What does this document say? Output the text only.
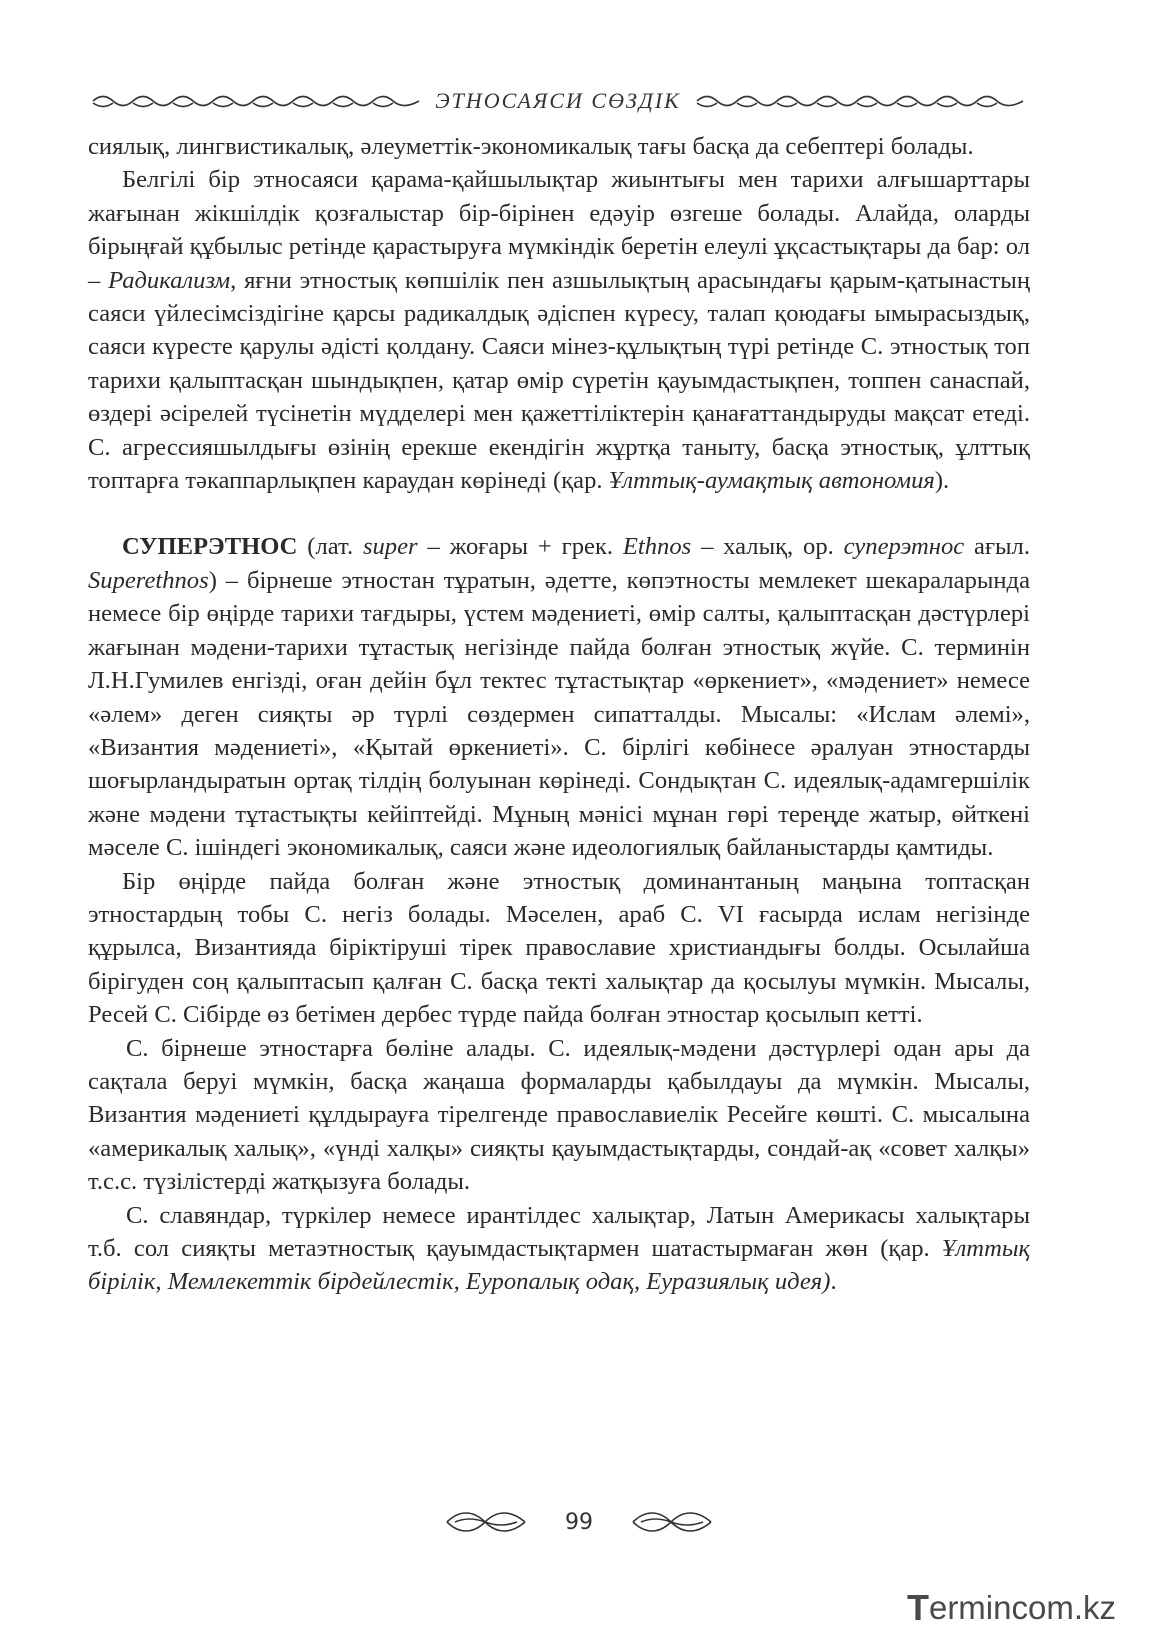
ЭТНОСАЯСИ СӨЗДІК

сиялық, лингвистикалық, әлеуметтік-экономикалық тағы басқа да себептері болады.

Белгілі бір этносаяси қарама-қайшылықтар жиынтығы мен тарихи алғышарттары жағынан жікшілдік қозғалыстар бір-бірінен едәуір өзгеше болады. Алайда, оларды бірыңғай құбылыс ретінде қарастыруға мүмкіндік беретін елеулі ұқсастықтары да бар: ол – Радикализм, яғни этностық көпшілік пен азшылықтың арасындағы қарым-қатынастың саяси үйлесімсіздігіне қарсы радикалдық әдіспен күресу, талап қоюдағы ымырасыздық, саяси күресте қарулы әдісті қолдану. Саяси мінез-құлықтың түрі ретінде С. этностық топ тарихи қалыптасқан шындықпен, қатар өмір сүретін қауымдастықпен, топпен санаспай, өздері әсірелей түсінетін мүдделері мен қажеттіліктерін қанағаттандыруды мақсат етеді. С. агрессияшылдығы өзінің ерекше екендігін жұртқа таныту, басқа этностық, ұлттық топтарға тәкаппарлықпен караудан көрінеді (қар. Ұлттық-аумақтық автономия).

СУПЕРЭТНОС (лат. super – жоғары + грек. Ethnos – халық, ор. суперэтнос ағыл. Superethnos) – бірнеше этностан тұратын, әдетте, көпэтносты мемлекет шекараларында немесе бір өңірде тарихи тағдыры, үстем мәдениеті, өмір салты, қалыптасқан дәстүрлері жағынан мәдени-тарихи тұтастық негізінде пайда болған этностық жүйе. С. терминін Л.Н.Гумилев енгізді, оған дейін бұл тектес тұтастықтар «өркениет», «мәдениет» немесе «әлем» деген сияқты әр түрлі сөздермен сипатталды. Мысалы: «Ислам әлемі», «Византия мәдениеті», «Қытай өркениеті». С. бірлігі көбінесе әралуан этностарды шоғырландыратын ортақ тілдің болуынан көрінеді. Сондықтан С. идеялық-адамгершілік және мәдени тұтастықты кейіптейді. Мұның мәнісі мұнан гөрі тереңде жатыр, өйткені мәселе С. ішіндегі экономикалық, саяси және идеологиялық байланыстарды қамтиды.

Бір өңірде пайда болған және этностық доминантаның маңына топтасқан этностардың тобы С. негіз болады. Мәселен, араб С. VI ғасырда ислам негізінде құрылса, Византияда біріктіруші тірек православие христиандығы болды. Осылайша бірігуден соң қалыптасып қалған С. басқа текті халықтар да қосылуы мүмкін. Мысалы, Ресей С. Сібірде өз бетімен дербес түрде пайда болған этностар қосылып кетті.

С. бірнеше этностарға бөліне алады. С. идеялық-мәдени дәстүрлері одан ары да сақтала беруі мүмкін, басқа жаңаша формаларды қабылдауы да мүмкін. Мысалы, Византия мәдениеті құлдырауға тірелгенде православиелік Ресейге көшті. С. мысалына «америкалық халық», «үнді халқы» сияқты қауымдастықтарды, сондай-ақ «совет халқы» т.с.с. түзілістерді жатқызуға болады.

С. славяндар, түркілер немесе ирантілдес халықтар, Латын Америкасы халықтары т.б. сол сияқты метаэтностық қауымдастықтармен шатастырмаған жөн (қар. Ұлттық бірілік, Мемлекеттік бірдейлестік, Еуропалық одақ, Еуразиялық идея).

99
T ermincom.kz
